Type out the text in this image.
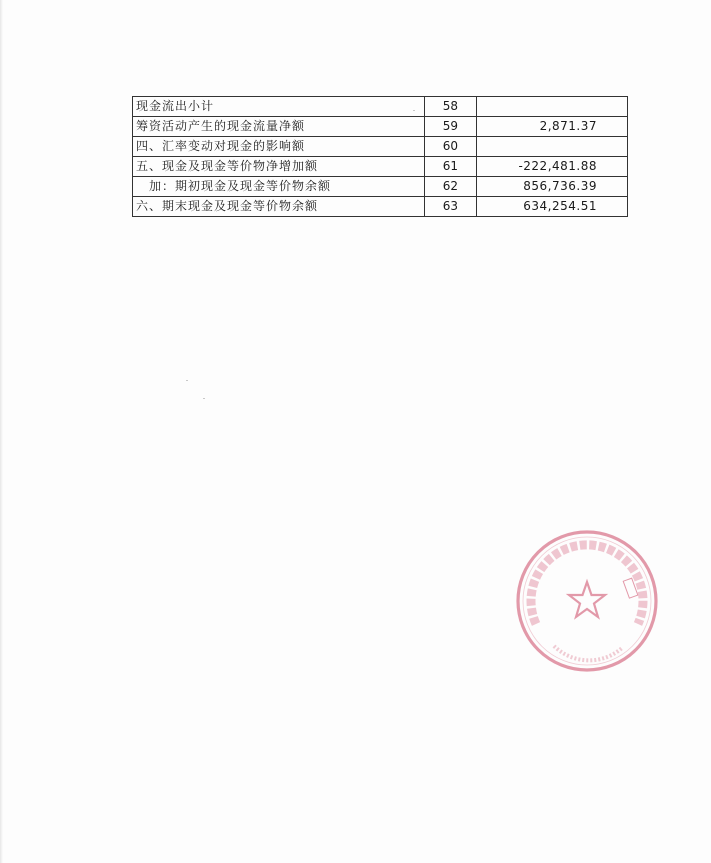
现金流出小计	58	
筹资活动产生的现金流量净额	59	2,871.37
四、汇率变动对现金的影响额	60	
五、现金及现金等价物净增加额	61	-222,481.88
加：期初现金及现金等价物余额	62	856,736.39
六、期末现金及现金等价物余额	63	634,254.51
